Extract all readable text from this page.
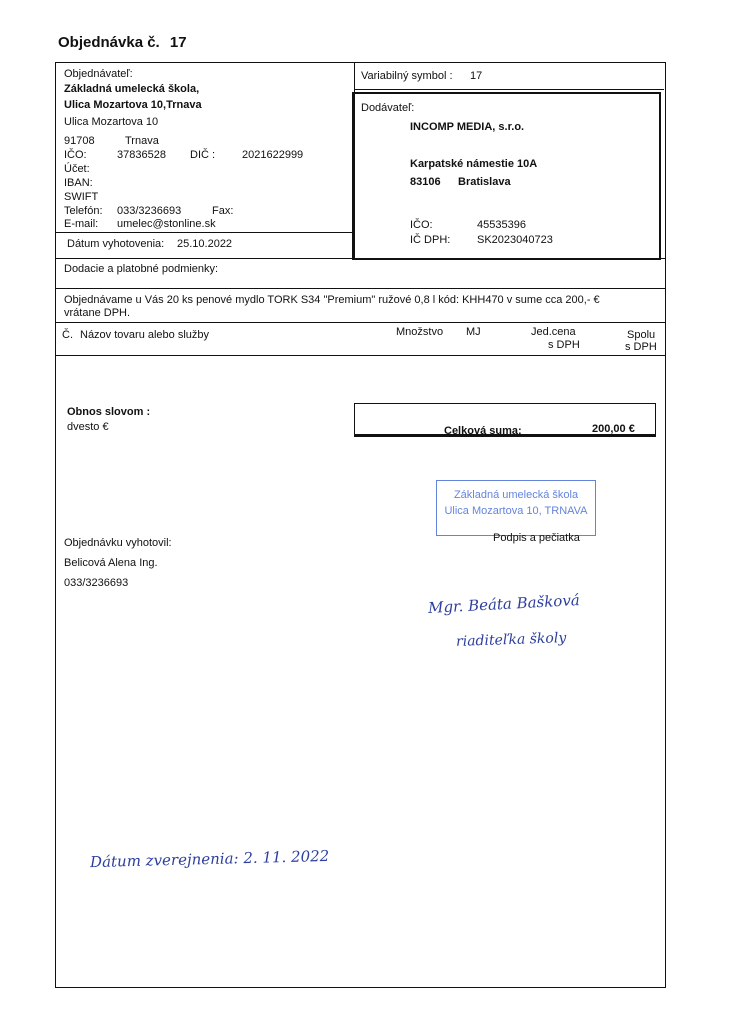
Objednávka č. 17
Objednávateľ:
Základná umelecká škola,
Ulica Mozartova 10,Trnava
Ulica Mozartova 10
91708	Trnava
IČO:	37836528 DIČ : 2021622999
Účet:
IBAN:
SWIFT
Telefón: 033/3236693	Fax:
E-mail: umelec@stonline.sk
Dátum vyhotovenia: 25.10.2022
Variabilný symbol : 17
Dodávateľ:
INCOMP MEDIA, s.r.o.
Karpatské námestie 10A
83106 Bratislava
IČO:	45535396
IČ DPH: SK2023040723
Dodacie a platobné podmienky:
Objednávame u Vás 20 ks penové mydlo TORK S34 "Premium" ružové 0,8 l kód: KHH470 v sume cca 200,- €
vrátane DPH.
Č. Názov tovaru alebo služby	Množstvo MJ	Jed.cena
s DPH
Spolu
s DPH
Obnos slovom :
dvesto €	Celková suma:	200,00 €
Základná umelecká škola
Ulica Mozartova 10, TRNAVA
Podpis a pečiatka
Objednávku vyhotovil:
Belicová Alena Ing.
033/3236693
Mgr. Beáta Bašková
riaditeľka školy
Dátum zverejnenia: 2. 11. 2022
